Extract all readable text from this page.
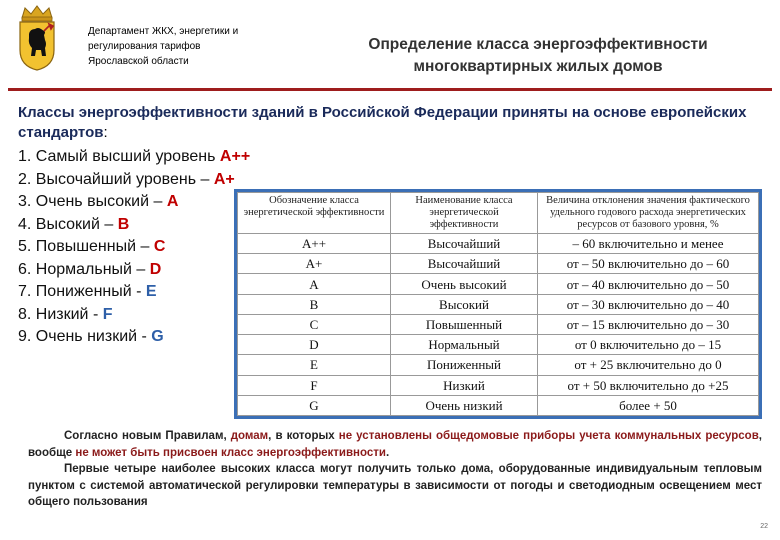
Департамент ЖКХ, энергетики и
регулирования тарифов
Ярославской области
Определение класса энергоэффективности
многоквартирных жилых домов
Классы энергоэффективности зданий в Российской Федерации приняты на основе европейских стандартов:
1. Самый высший уровень А++
2. Высочайший уровень – А+
3. Очень высокий – А
4. Высокий – В
5. Повышенный – С
6. Нормальный – D
7. Пониженный - Е
8. Низкий - F
9. Очень низкий - G
Обозначение класса энергетической эффективности	Наименование класса энергетической эффективности	Величина отклонения значения фактического удельного годового расхода энергетических ресурсов от базового уровня, %
А++	Высочайший	– 60 включительно и менее
А+	Высочайший	от – 50 включительно до – 60
А	Очень высокий	от – 40 включительно до – 50
В	Высокий	от – 30 включительно до – 40
С	Повышенный	от – 15 включительно до – 30
D	Нормальный	от 0 включительно до – 15
Е	Пониженный	от + 25 включительно до 0
F	Низкий	от + 50 включительно до +25
G	Очень низкий	более + 50

Согласно новым Правилам, домам, в которых не установлены общедомовые приборы учета коммунальных ресурсов, вообще не может быть присвоен класс энергоэффективности.

Первые четыре наиболее высоких класса могут получить только дома, оборудованные индивидуальным тепловым пунктом с системой автоматической регулировки температуры в зависимости от погоды и светодиодным освещением мест общего пользования

22
